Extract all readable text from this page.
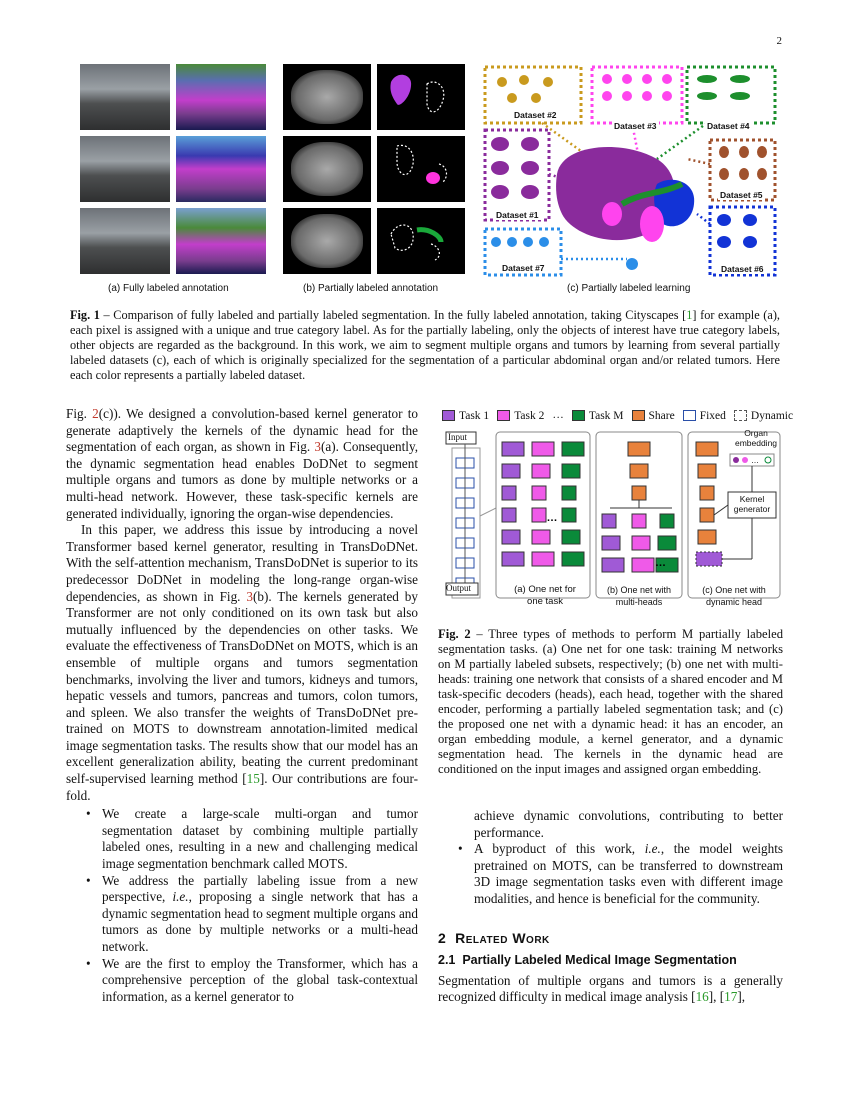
2
(a) Fully labeled annotation	(b) Partially labeled annotation
Dataset #2
Dataset #3	Dataset #4
Dataset #1
Dataset #5
Dataset #6
Dataset #7
(c) Partially labeled learning
Fig. 1 – Comparison of fully labeled and partially labeled segmentation. In the fully labeled annotation, taking Cityscapes [1] for example (a), each pixel is assigned with a unique and true category label. As for the partially labeling, only the objects of interest have true category labels, other objects are regarded as the background. In this work, we aim to segment multiple organs and tumors by learning from several partially labeled datasets (c), each of which is originally specialized for the segmentation of a particular abdominal organ and/or related tumors. Here each color represents a partially labeled dataset.

Fig. 2(c)). We designed a convolution-based kernel generator to generate adaptively the kernels of the dynamic head for the segmentation of each organ, as shown in Fig. 3(a). Consequently, the dynamic segmentation head enables DoDNet to segment multiple organs and tumors as done by multiple networks or a multi-head network. However, these task-specific kernels are generated individually, ignoring the organ-wise dependencies.

In this paper, we address this issue by introducing a novel Transformer based kernel generator, resulting in TransDoDNet. With the self-attention mechanism, TransDoDNet is superior to its predecessor DoDNet in modeling the long-range organ-wise dependencies, as shown in Fig. 3(b). The kernels generated by Transformer are not only conditioned on its own task but also mutually influenced by the dependencies on other tasks. We evaluate the effectiveness of TransDoDNet on MOTS, which is an ensemble of multiple organs and tumors segmentation benchmarks, involving the liver and tumors, kidneys and tumors, hepatic vessels and tumors, pancreas and tumors, colon tumors, and spleen. We also transfer the weights of TransDoDNet pre-trained on MOTS to downstream annotation-limited medical image segmentation tasks. The results show that our model has an excellent generalization ability, beating the current predominant self-supervised learning method [15]. Our contributions are four-fold.

• We create a large-scale multi-organ and tumor segmentation dataset by combining multiple partially labeled ones, resulting in a new and challenging medical image segmentation benchmark called MOTS.
• We address the partially labeling issue from a new perspective, i.e., proposing a single network that has a dynamic segmentation head to segment multiple organs and tumors as done by multiple networks or a multi-head network.
• We are the first to employ the Transformer, which has a comprehensive perception of the global task-contextual information, as a kernel generator to
Task 1 Task 2 ··· Task M Share Fixed Dynamic
…
…
…
Input
Output
Organ
embedding
Kernel
generator
(a) One net for
one task
(b) One net with
multi-heads
(c) One net with
dynamic head
Fig. 2 – Three types of methods to perform M partially labeled segmentation tasks. (a) One net for one task: training M networks on M partially labeled subsets, respectively; (b) one net with multi-heads: training one network that consists of a shared encoder and M task-specific decoders (heads), each head, together with the shared encoder, performing a partially labeled segmentation task; and (c) the proposed one net with a dynamic head: it has an encoder, an organ embedding module, a kernel generator, and a dynamic segmentation head. The kernels in the dynamic head are conditioned on the input images and assigned organ embedding.
achieve dynamic convolutions, contributing to better performance.
• A byproduct of this work, i.e., the model weights pretrained on MOTS, can be transferred to downstream 3D image segmentation tasks even with different image modalities, and hence is beneficial for the community.
2 Related Work
2.1 Partially Labeled Medical Image Segmentation

Segmentation of multiple organs and tumors is a generally recognized difficulty in medical image analysis [16], [17],
